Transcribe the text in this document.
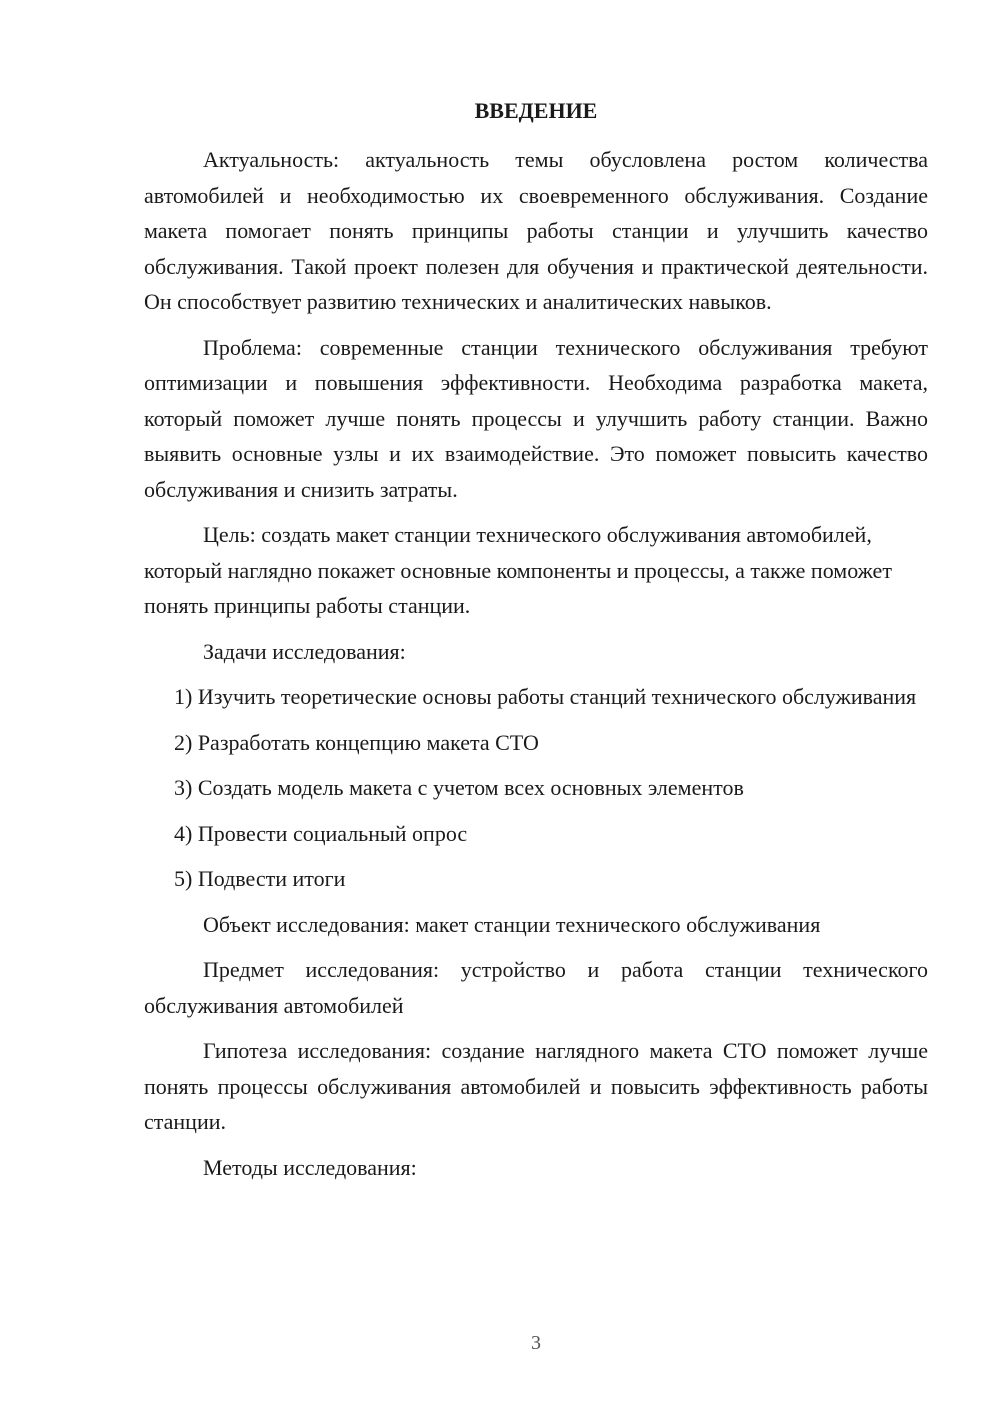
ВВЕДЕНИЕ

Актуальность: актуальность темы обусловлена ростом количества автомобилей и необходимостью их своевременного обслуживания. Создание макета помогает понять принципы работы станции и улучшить качество обслуживания. Такой проект полезен для обучения и практической деятельности. Он способствует развитию технических и аналитических навыков.

Проблема: современные станции технического обслуживания требуют оптимизации и повышения эффективности. Необходима разработка макета, который поможет лучше понять процессы и улучшить работу станции. Важно выявить основные узлы и их взаимодействие. Это поможет повысить качество обслуживания и снизить затраты.

Цель: создать макет станции технического обслуживания автомобилей, который наглядно покажет основные компоненты и процессы, а также поможет понять принципы работы станции.

Задачи исследования:

1) Изучить теоретические основы работы станций технического обслуживания

2) Разработать концепцию макета СТО

3) Создать модель макета с учетом всех основных элементов

4) Провести социальный опрос

5) Подвести итоги

Объект исследования: макет станции технического обслуживания

Предмет исследования: устройство и работа станции технического обслуживания автомобилей

Гипотеза исследования: создание наглядного макета СТО поможет лучше понять процессы обслуживания автомобилей и повысить эффективность работы станции.

Методы исследования:

3
